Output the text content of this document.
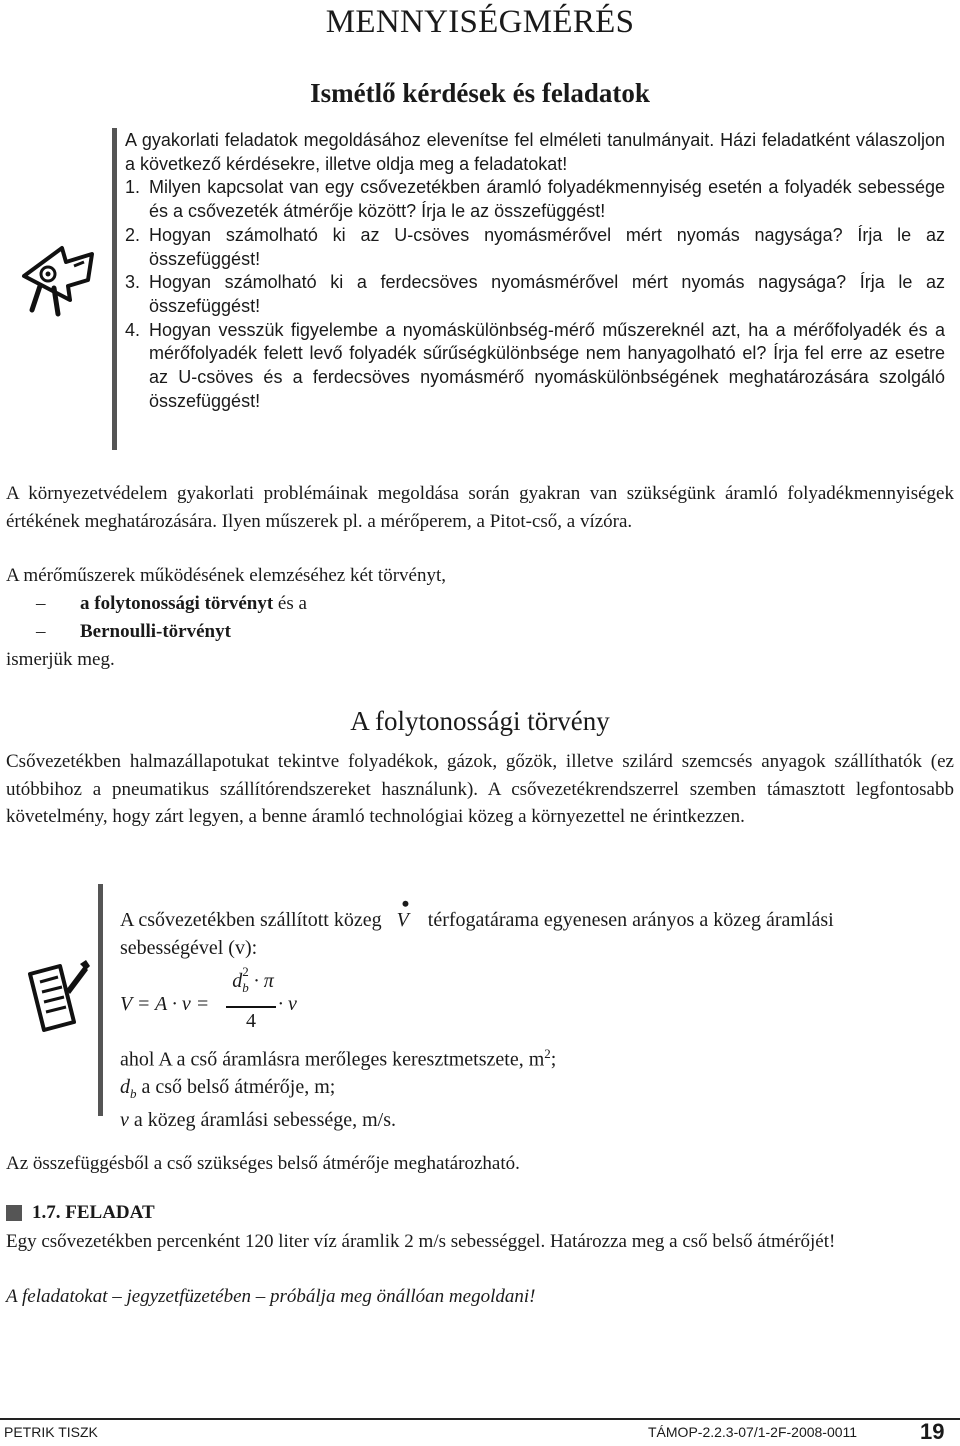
MENNYISÉGMÉRÉS
Ismétlő kérdések és feladatok
A gyakorlati feladatok megoldásához elevenítse fel elméleti tanulmányait. Házi feladatként válaszoljon a következő kérdésekre, illetve oldja meg a feladatokat!
1. Milyen kapcsolat van egy csővezetékben áramló folyadékmennyiség esetén a folyadék sebessége és a csővezeték átmérője között? Írja le az összefüggést!
2. Hogyan számolható ki az U-csöves nyomásmérővel mért nyomás nagysága? Írja le az összefüggést!
3. Hogyan számolható ki a ferdecsöves nyomásmérővel mért nyomás nagysága? Írja le az összefüggést!
4. Hogyan vesszük figyelembe a nyomáskülönbség-mérő műszereknél azt, ha a mérőfolyadék és a mérőfolyadék felett levő folyadék sűrűségkülönbsége nem hanyagolható el? Írja fel erre az esetre az U-csöves és a ferdecsöves nyomásmérő nyomáskülönbségének meghatározására szolgáló összefüggést!
A környezetvédelem gyakorlati problémáinak megoldása során gyakran van szükségünk áramló folyadékmennyiségek értékének meghatározására. Ilyen műszerek pl. a mérőperem, a Pitot-cső, a vízóra.
A mérőműszerek működésének elemzéséhez két törvényt,
– a folytonossági törvényt és a
– Bernoulli-törvényt
ismerjük meg.
A folytonossági törvény
Csővezetékben halmazállapotukat tekintve folyadékok, gázok, gőzök, illetve szilárd szemcsés anyagok szállíthatók (ez utóbbihoz a pneumatikus szállítórendszereket használunk). A csővezetékrendszerrel szemben támasztott legfontosabb követelmény, hogy zárt legyen, a benne áramló technológiai közeg a környezettel ne érintkezzen.
A csővezetékben szállított közeg
•
V térfogatárama egyenesen arányos a közeg áramlási
sebességével (v):
V = A · v =
$d_b$
2 · π
4
· v
ahol A a cső áramlásra merőleges keresztmetszete, $m^2$;
$d_b$ a cső belső átmérője, m;
v a közeg áramlási sebessége, m/s.
Az összefüggésből a cső szükséges belső átmérője meghatározható.
1.7. FELADAT
Egy csővezetékben percenként 120 liter víz áramlik 2 m/s sebességgel. Határozza meg a cső belső átmérőjét!
A feladatokat – jegyzetfüzetében – próbálja meg önállóan megoldani!
PETRIK TISZK	TÁMOP-2.2.3-07/1-2F-2008-0011	19
